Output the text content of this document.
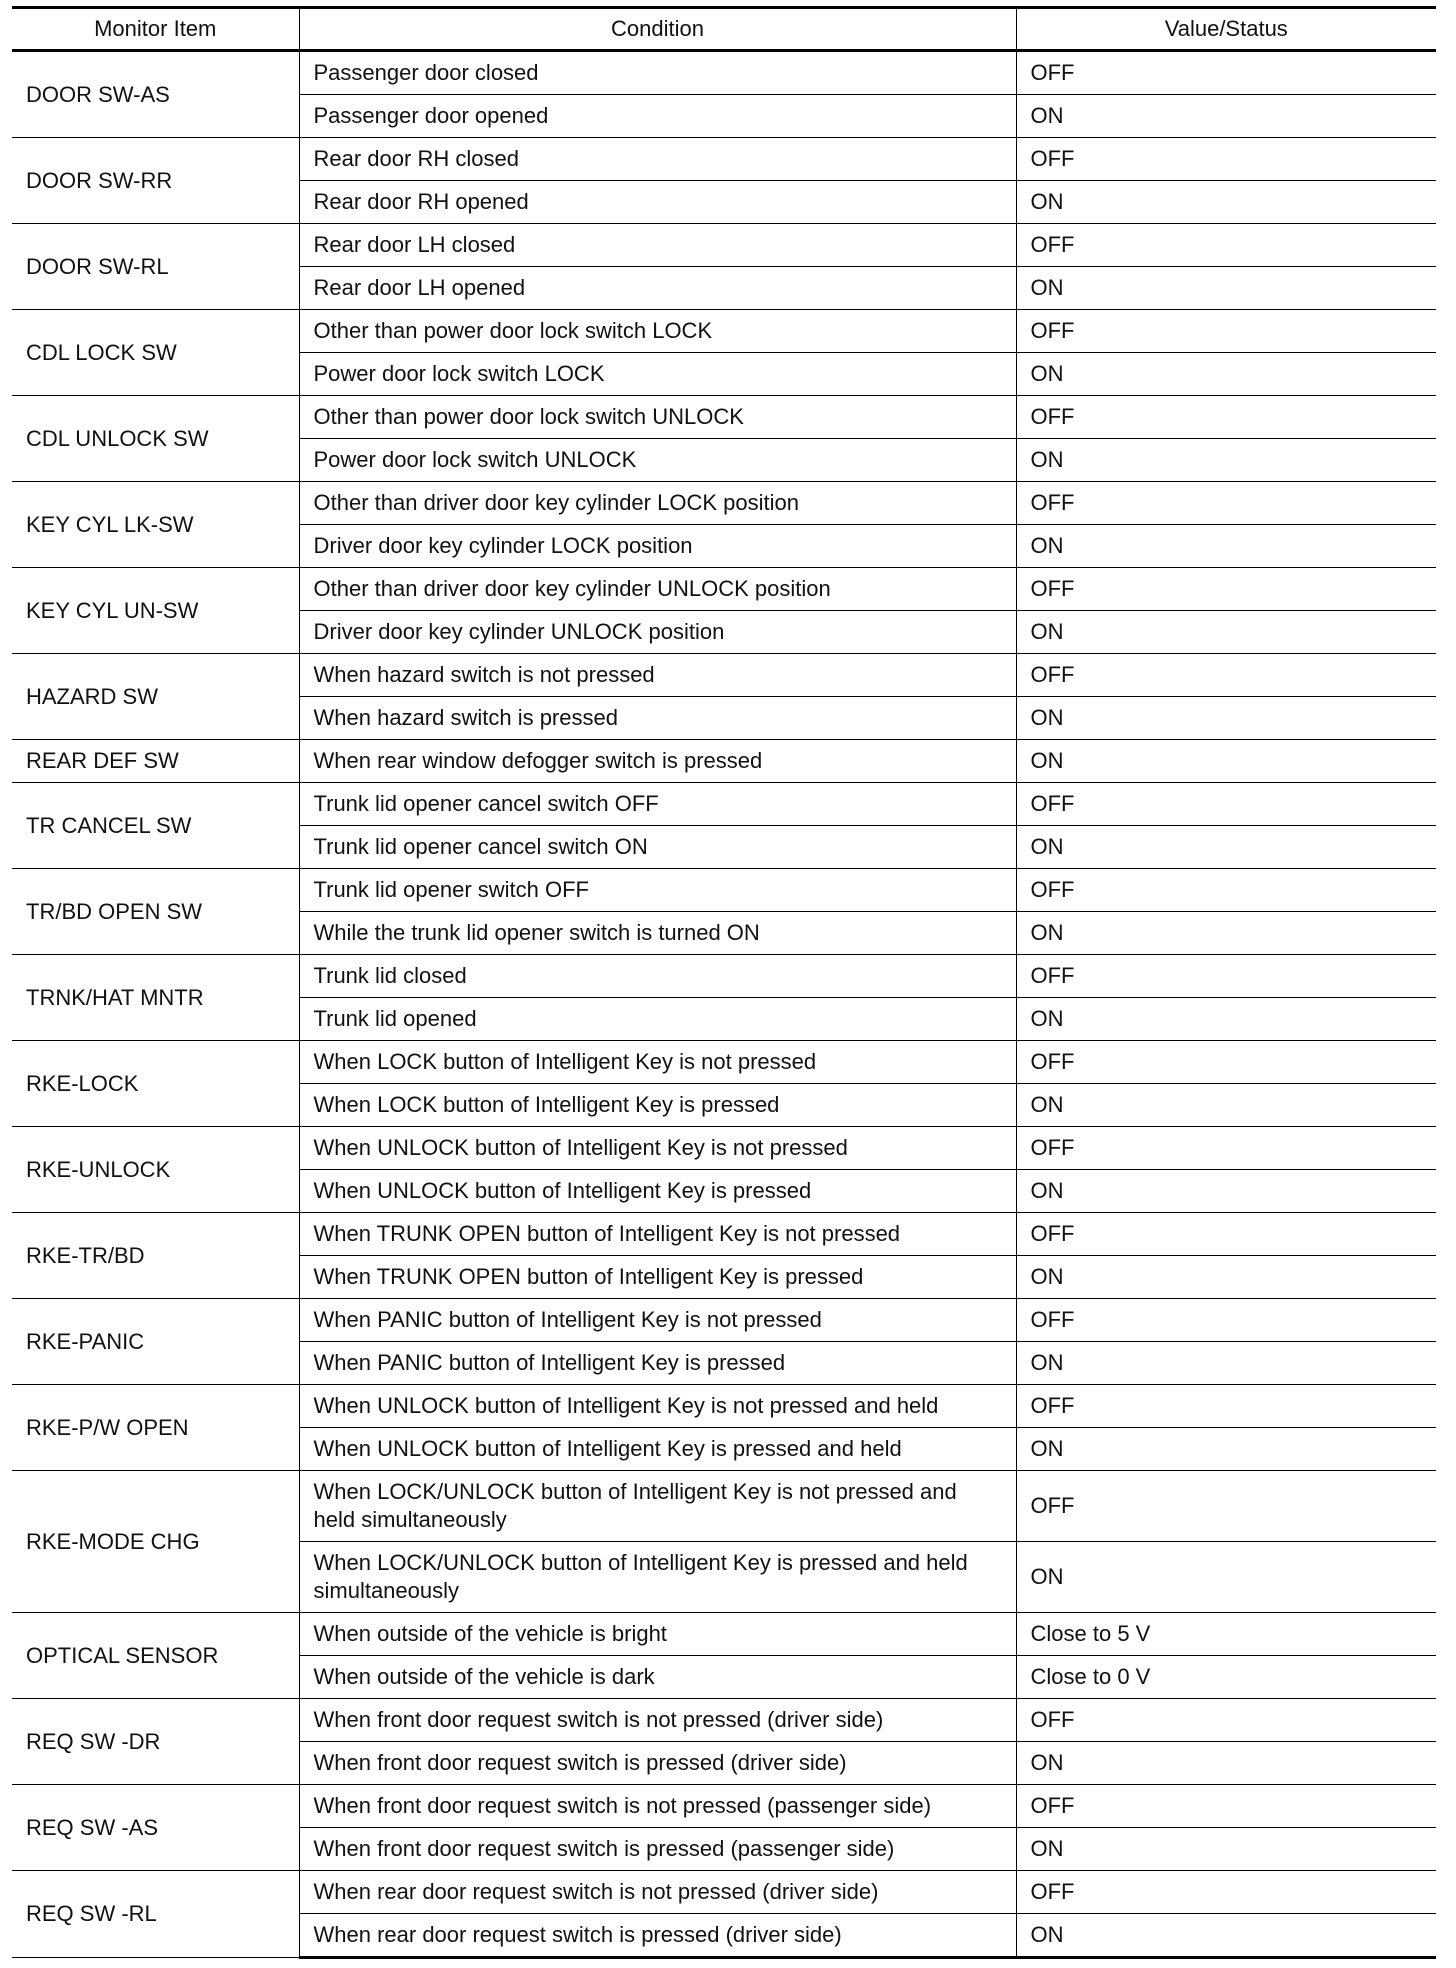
Monitor Item	Condition	Value/Status
DOOR SW-AS	Passenger door closed	OFF
	Passenger door opened	ON
DOOR SW-RR	Rear door RH closed	OFF
	Rear door RH opened	ON
DOOR SW-RL	Rear door LH closed	OFF
	Rear door LH opened	ON
CDL LOCK SW	Other than power door lock switch LOCK	OFF
	Power door lock switch LOCK	ON
CDL UNLOCK SW	Other than power door lock switch UNLOCK	OFF
	Power door lock switch UNLOCK	ON
KEY CYL LK-SW	Other than driver door key cylinder LOCK position	OFF
	Driver door key cylinder LOCK position	ON
KEY CYL UN-SW	Other than driver door key cylinder UNLOCK position	OFF
	Driver door key cylinder UNLOCK position	ON
HAZARD SW	When hazard switch is not pressed	OFF
	When hazard switch is pressed	ON
REAR DEF SW	When rear window defogger switch is pressed	ON
TR CANCEL SW	Trunk lid opener cancel switch OFF	OFF
	Trunk lid opener cancel switch ON	ON
TR/BD OPEN SW	Trunk lid opener switch OFF	OFF
	While the trunk lid opener switch is turned ON	ON
TRNK/HAT MNTR	Trunk lid closed	OFF
	Trunk lid opened	ON
RKE-LOCK	When LOCK button of Intelligent Key is not pressed	OFF
	When LOCK button of Intelligent Key is pressed	ON
RKE-UNLOCK	When UNLOCK button of Intelligent Key is not pressed	OFF
	When UNLOCK button of Intelligent Key is pressed	ON
RKE-TR/BD	When TRUNK OPEN button of Intelligent Key is not pressed	OFF
	When TRUNK OPEN button of Intelligent Key is pressed	ON
RKE-PANIC	When PANIC button of Intelligent Key is not pressed	OFF
	When PANIC button of Intelligent Key is pressed	ON
RKE-P/W OPEN	When UNLOCK button of Intelligent Key is not pressed and held	OFF
	When UNLOCK button of Intelligent Key is pressed and held	ON
RKE-MODE CHG	When LOCK/UNLOCK button of Intelligent Key is not pressed and held simultaneously	OFF
	When LOCK/UNLOCK button of Intelligent Key is pressed and held simultaneously	ON
OPTICAL SENSOR	When outside of the vehicle is bright	Close to 5 V
	When outside of the vehicle is dark	Close to 0 V
REQ SW -DR	When front door request switch is not pressed (driver side)	OFF
	When front door request switch is pressed (driver side)	ON
REQ SW -AS	When front door request switch is not pressed (passenger side)	OFF
	When front door request switch is pressed (passenger side)	ON
REQ SW -RL	When rear door request switch is not pressed (driver side)	OFF
	When rear door request switch is pressed (driver side)	ON
